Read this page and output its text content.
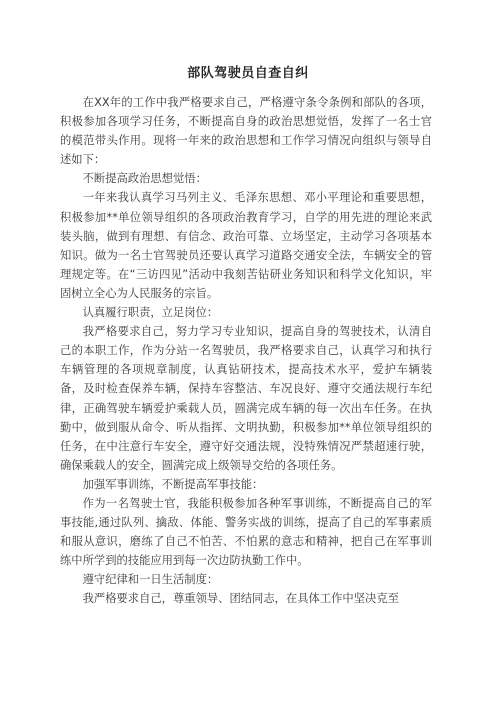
部队驾驶员自查自纠

在XX年的工作中我严格要求自己，严格遵守条令条例和部队的各项，积极参加各项学习任务，不断提高自身的政治思想觉悟，发挥了一名士官的模范带头作用。现将一年来的政治思想和工作学习情况向组织与领导自述如下：

不断提高政治思想觉悟：

一年来我认真学习马列主义、毛泽东思想、邓小平理论和重要思想，积极参加**单位领导组织的各项政治教育学习，自学的用先进的理论来武装头脑，做到有理想、有信念、政治可靠、立场坚定，主动学习各项基本知识。做为一名士官驾驶员还要认真学习道路交通安全法，车辆安全的管理规定等。在“三访四见”活动中我刻苦钻研业务知识和科学文化知识，牢固树立全心为人民服务的宗旨。

认真履行职责，立足岗位：

我严格要求自己，努力学习专业知识，提高自身的驾驶技术，认清自己的本职工作，作为分站一名驾驶员，我严格要求自己，认真学习和执行车辆管理的各项规章制度，认真钻研技术，提高技术水平，爱护车辆装备，及时检查保养车辆，保持车容整洁、车况良好、遵守交通法规行车纪律，正确驾驶车辆爱护乘载人员，圆满完成车辆的每一次出车任务。在执勤中，做到服从命令、听从指挥、文明执勤，积极参加**单位领导组织的任务，在中注意行车安全，遵守好交通法规，没特殊情况严禁超速行驶，确保乘载人的安全，圆满完成上级领导交给的各项任务。

加强军事训练，不断提高军事技能：

作为一名驾驶士官，我能积极参加各种军事训练，不断提高自己的军事技能,通过队列、擒敌、体能、警务实战的训练，提高了自己的军事素质和服从意识，磨练了自己不怕苦、不怕累的意志和精神，把自己在军事训练中所学到的技能应用到每一次边防执勤工作中。

遵守纪律和一日生活制度：

我严格要求自己，尊重领导、团结同志，在具体工作中坚决克至
